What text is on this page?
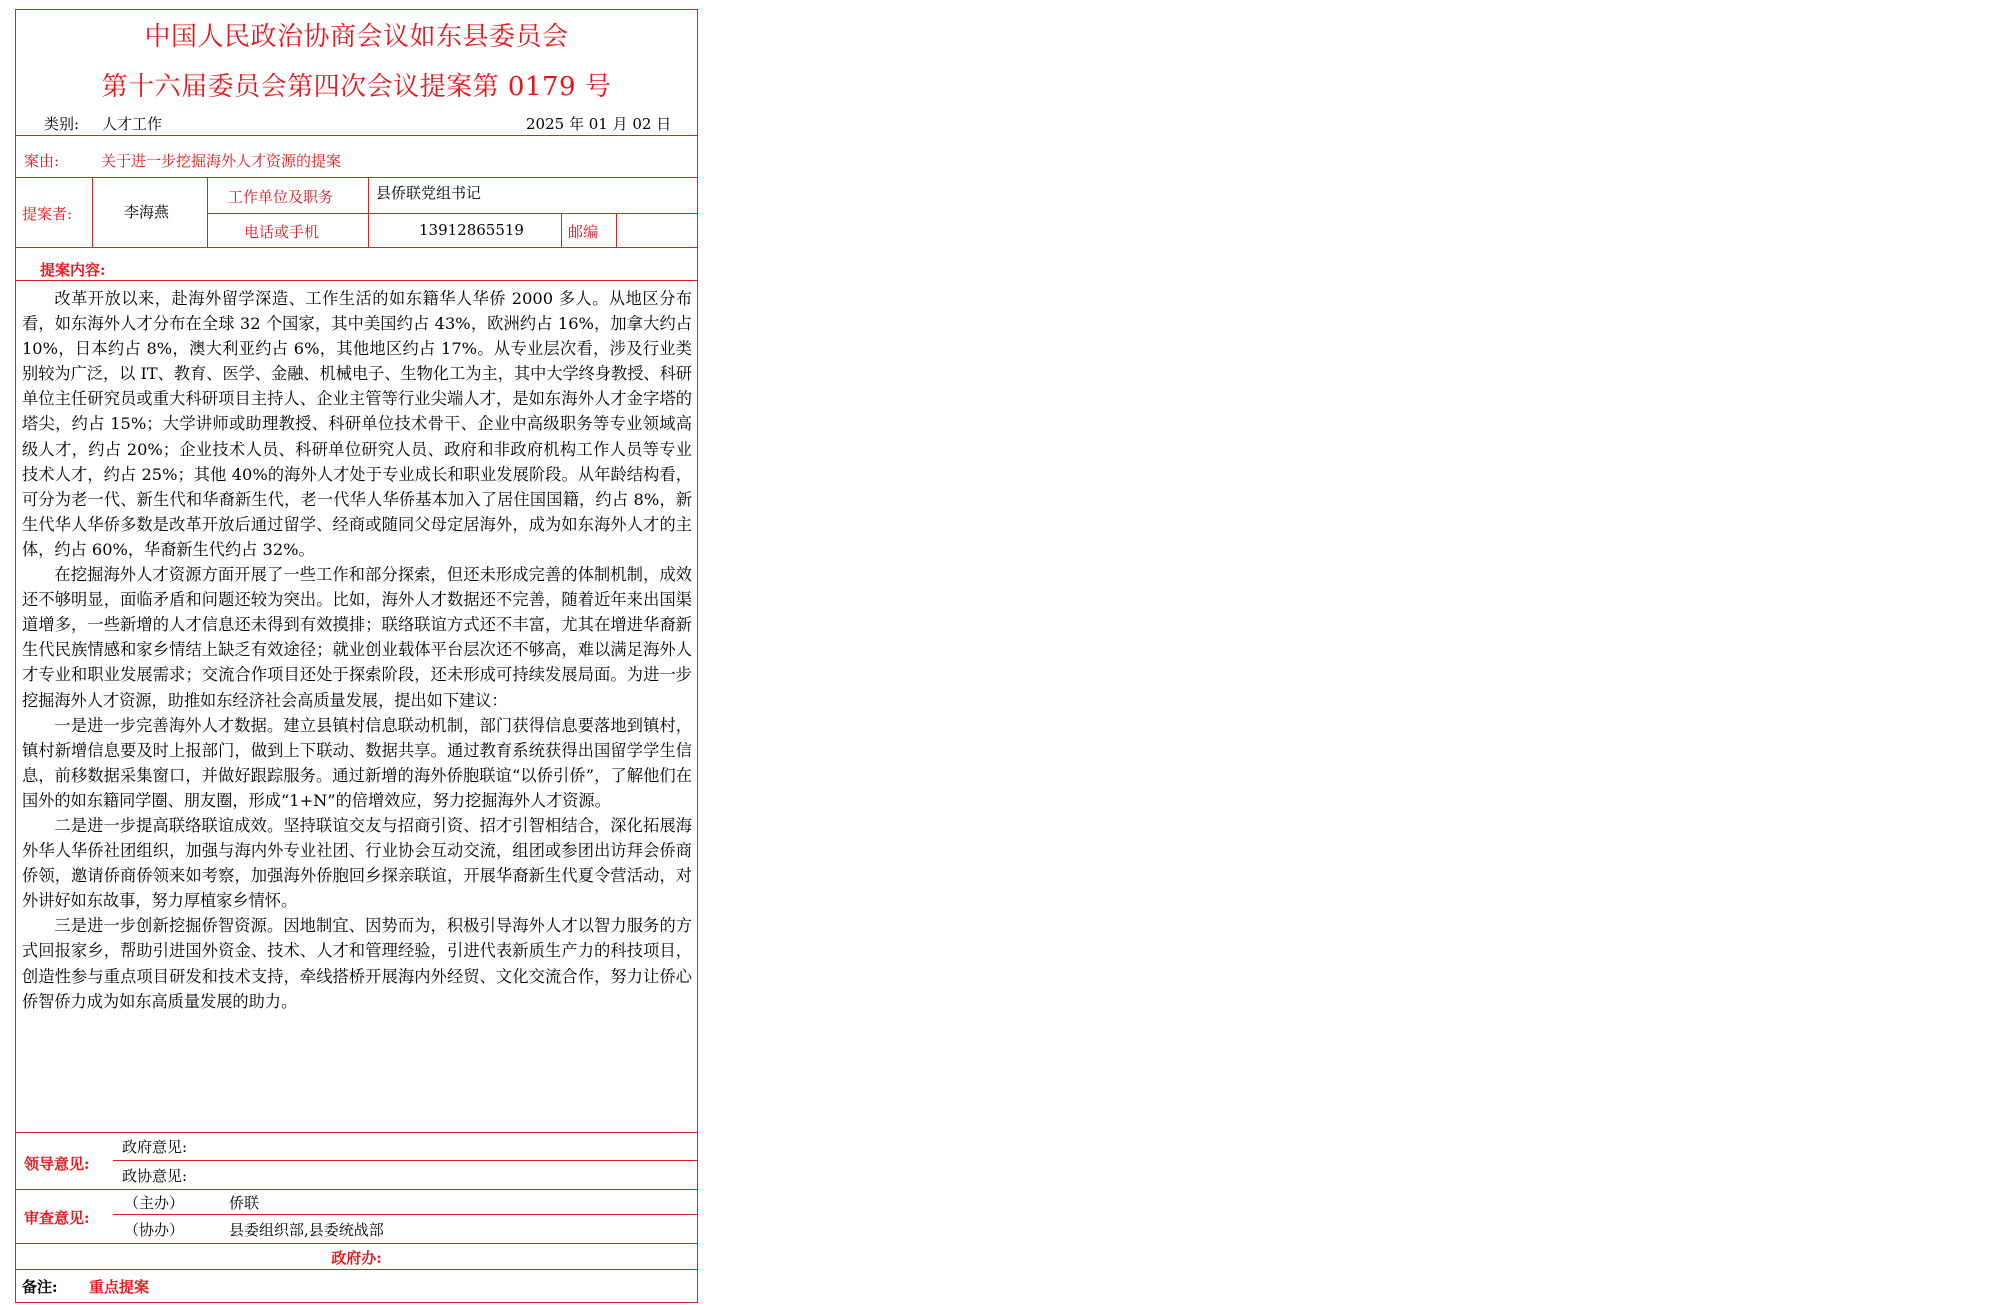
中国人民政治协商会议如东县委员会
第十六届委员会第四次会议提案第 0179 号
类别: 人才工作	2025 年 01 月 02 日
案由:	关于进一步挖掘海外人才资源的提案
提案者:	李海燕
工作单位及职务	县侨联党组书记
电话或手机	13912865519	邮编
提案内容:

改革开放以来，赴海外留学深造、工作生活的如东籍华人华侨 2000 多人。从地区分布看，如东海外人才分布在全球 32 个国家，其中美国约占 43%，欧洲约占 16%，加拿大约占 10%，日本约占 8%，澳大利亚约占 6%，其他地区约占 17%。从专业层次看，涉及行业类别较为广泛，以 IT、教育、医学、金融、机械电子、生物化工为主，其中大学终身教授、科研单位主任研究员或重大科研项目主持人、企业主管等行业尖端人才，是如东海外人才金字塔的塔尖，约占 15%；大学讲师或助理教授、科研单位技术骨干、企业中高级职务等专业领域高级人才，约占 20%；企业技术人员、科研单位研究人员、政府和非政府机构工作人员等专业技术人才，约占 25%；其他 40%的海外人才处于专业成长和职业发展阶段。从年龄结构看，可分为老一代、新生代和华裔新生代，老一代华人华侨基本加入了居住国国籍，约占 8%，新生代华人华侨多数是改革开放后通过留学、经商或随同父母定居海外，成为如东海外人才的主体，约占 60%，华裔新生代约占 32%。

在挖掘海外人才资源方面开展了一些工作和部分探索，但还未形成完善的体制机制，成效还不够明显，面临矛盾和问题还较为突出。比如，海外人才数据还不完善，随着近年来出国渠道增多，一些新增的人才信息还未得到有效摸排；联络联谊方式还不丰富，尤其在增进华裔新生代民族情感和家乡情结上缺乏有效途径；就业创业载体平台层次还不够高，难以满足海外人才专业和职业发展需求；交流合作项目还处于探索阶段，还未形成可持续发展局面。为进一步挖掘海外人才资源，助推如东经济社会高质量发展，提出如下建议：

一是进一步完善海外人才数据。建立县镇村信息联动机制，部门获得信息要落地到镇村，镇村新增信息要及时上报部门，做到上下联动、数据共享。通过教育系统获得出国留学学生信息，前移数据采集窗口，并做好跟踪服务。通过新增的海外侨胞联谊“以侨引侨”，了解他们在国外的如东籍同学圈、朋友圈，形成“1+N”的倍增效应，努力挖掘海外人才资源。

二是进一步提高联络联谊成效。坚持联谊交友与招商引资、招才引智相结合，深化拓展海外华人华侨社团组织，加强与海内外专业社团、行业协会互动交流，组团或参团出访拜会侨商侨领，邀请侨商侨领来如考察，加强海外侨胞回乡探亲联谊，开展华裔新生代夏令营活动，对外讲好如东故事，努力厚植家乡情怀。

三是进一步创新挖掘侨智资源。因地制宜、因势而为，积极引导海外人才以智力服务的方式回报家乡，帮助引进国外资金、技术、人才和管理经验，引进代表新质生产力的科技项目，创造性参与重点项目研发和技术支持，牵线搭桥开展海内外经贸、文化交流合作，努力让侨心侨智侨力成为如东高质量发展的助力。

领导意见:
政府意见:
政协意见:
审查意见:
（主办）	侨联
（协办）	县委组织部,县委统战部
政府办:
备注: 重点提案
